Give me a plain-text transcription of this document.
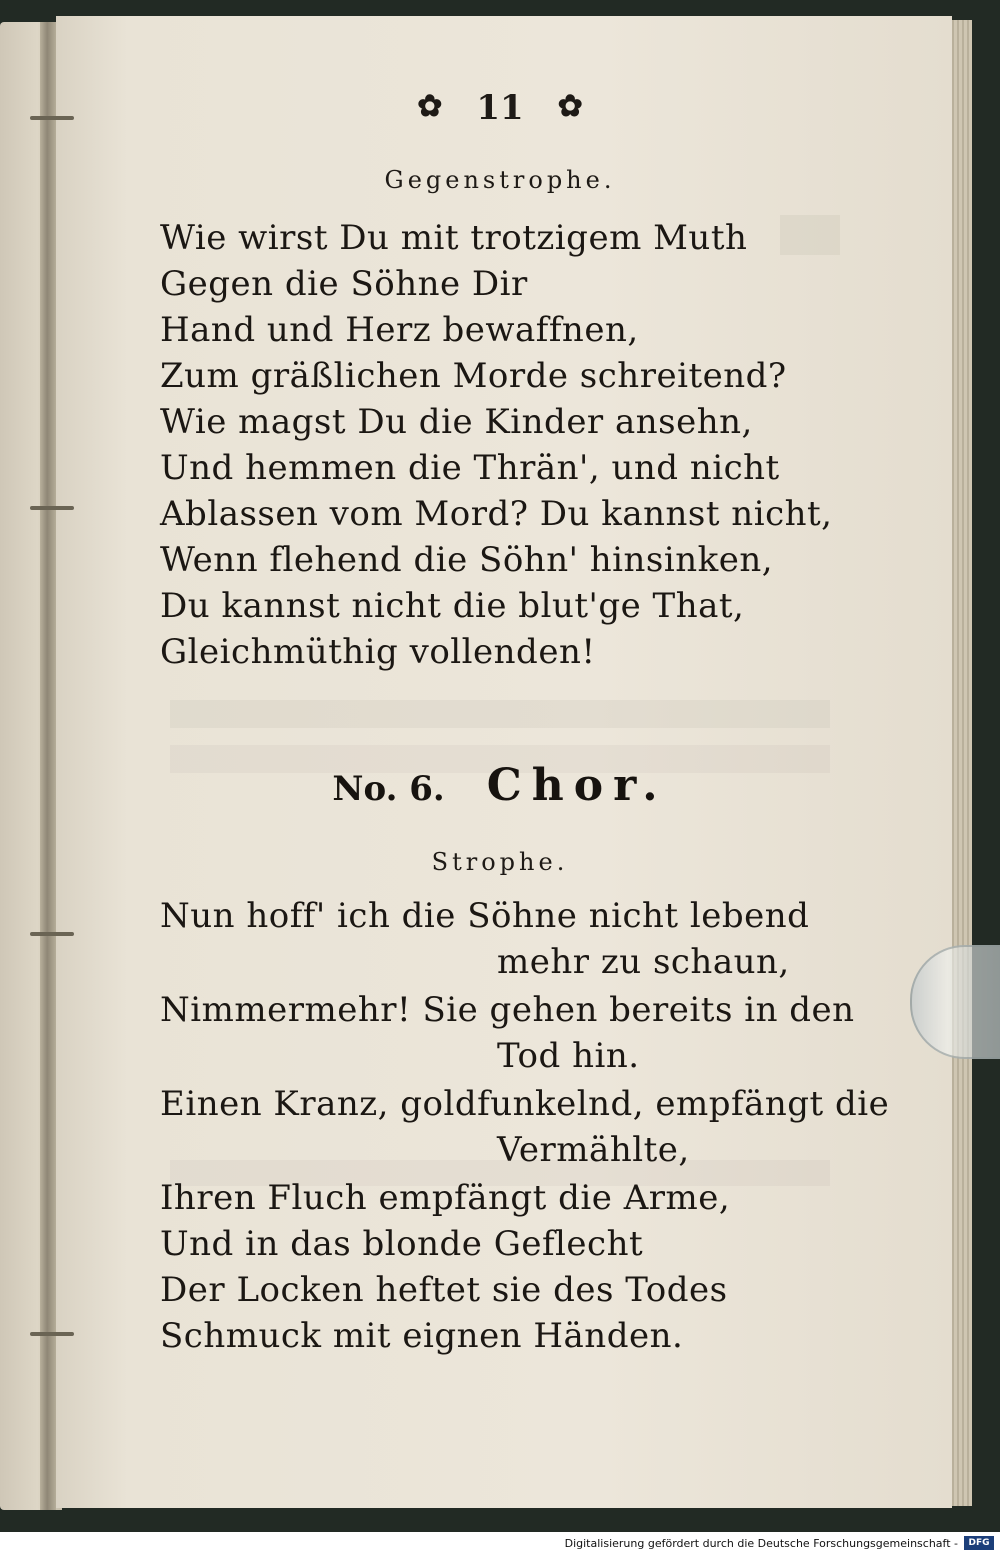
✿ 11 ✿
Gegenstrophe.
Wie wirst Du mit trotzigem Muth
Gegen die Söhne Dir
Hand und Herz bewaffnen,
Zum gräßlichen Morde schreitend?
Wie magst Du die Kinder ansehn,
Und hemmen die Thrän', und nicht
Ablassen vom Mord? Du kannst nicht,
Wenn flehend die Söhn' hinsinken,
Du kannst nicht die blut'ge That,
Gleichmüthig vollenden!
No. 6. Chor.
Strophe.
Nun hoff' ich die Söhne nicht lebend
mehr zu schaun,
Nimmermehr! Sie gehen bereits in den
Tod hin.
Einen Kranz, goldfunkelnd, empfängt die
Vermählte,
Ihren Fluch empfängt die Arme,
Und in das blonde Geflecht
Der Locken heftet sie des Todes
Schmuck mit eignen Händen.
Digitalisierung gefördert durch die Deutsche Forschungsgemeinschaft -	DFG
